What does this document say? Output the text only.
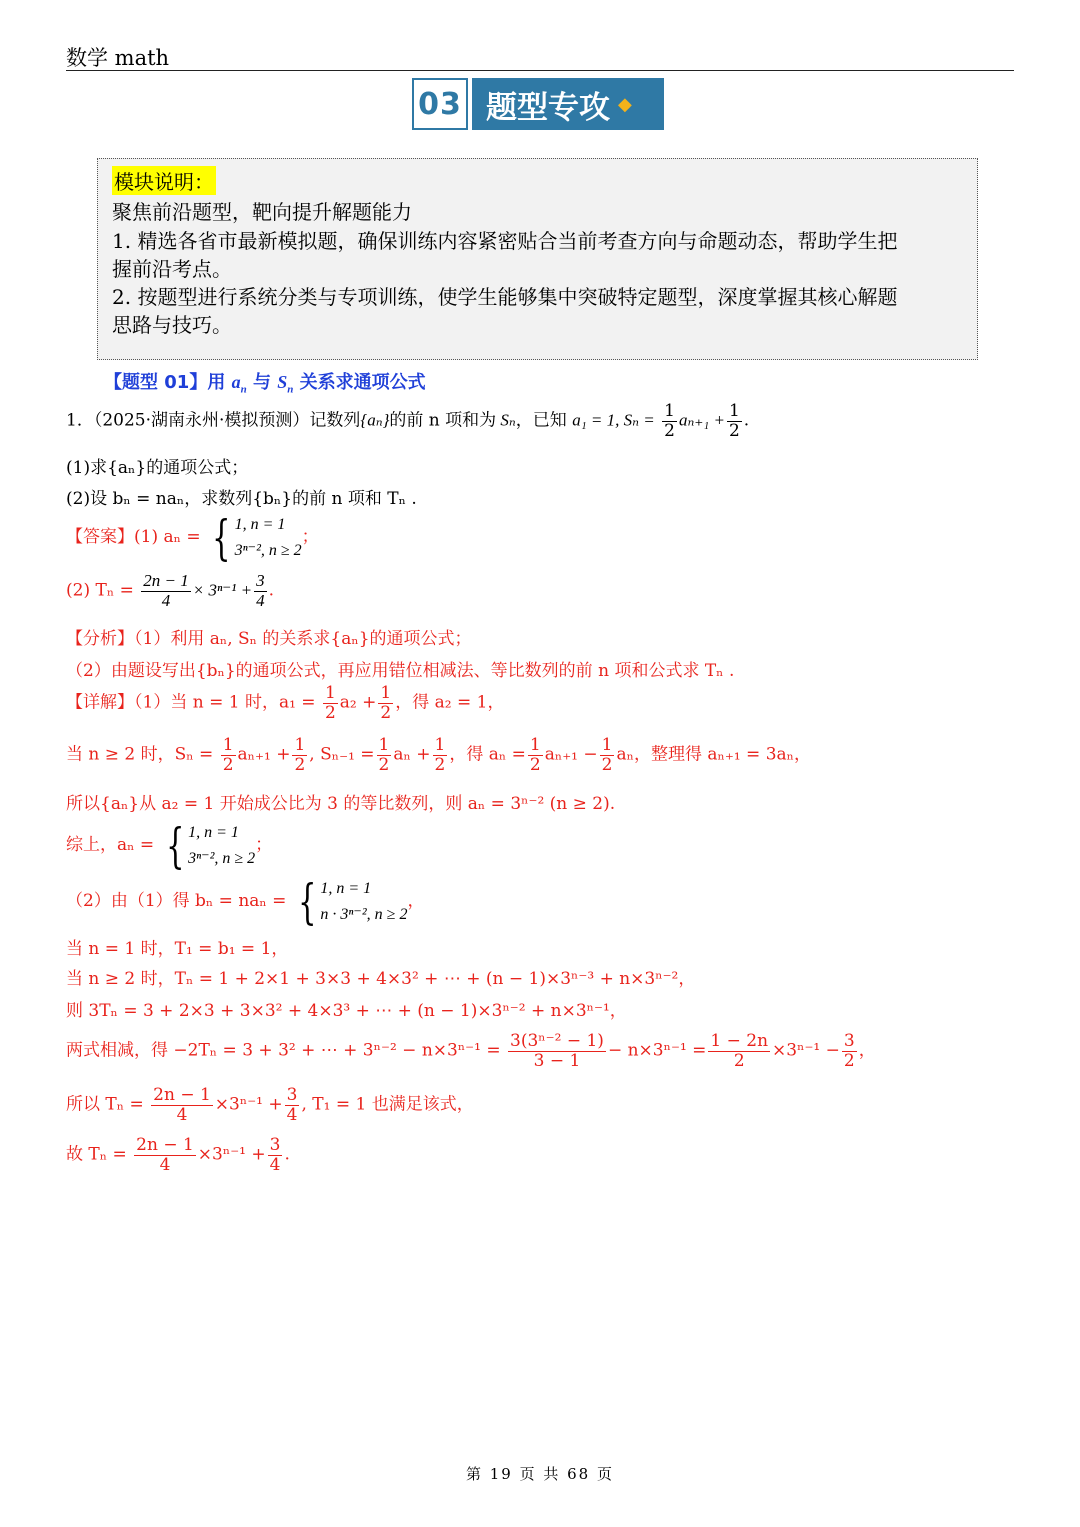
数学 math
03 题型专攻 ◆
模块说明：
聚焦前沿题型，靶向提升解题能力
1. 精选各省市最新模拟题，确保训练内容紧密贴合当前考查方向与命题动态，帮助学生把
握前沿考点。
2. 按题型进行系统分类与专项训练，使学生能够集中突破特定题型，深度掌握其核心解题
思路与技巧。
【题型 01】用 $a_n$ 与 $S_n$ 关系求通项公式
1．（2025·湖南永州·模拟预测）记数列{aₙ}的前 n 项和为 Sₙ，已知 a₁ = 1, $S_n = \frac{1}{2} a_{n+1} + \frac{1}{2}$ .
(1)求{aₙ}的通项公式；
(2)设 bₙ = naₙ，求数列{bₙ}的前 n 项和 Tₙ .
【答案】(1) aₙ = { 1, n = 1
3ⁿ⁻², n ≥ 2
；
(2) $T_n = \frac{2n - 1}{4} \times 3^{n-1} + \frac{3}{4}$ .
【分析】（1）利用 aₙ, Sₙ 的关系求{aₙ}的通项公式；
（2）由题设写出{bₙ}的通项公式，再应用错位相减法、等比数列的前 n 项和公式求 Tₙ .
【详解】（1）当 n = 1 时，$a_1 = \frac{1}{2} a_2 + \frac{1}{2}$ ，得 a₂ = 1，
当 n ≥ 2 时，$S_n = \frac{1}{2} a_{n+1} + \frac{1}{2}$ , $S_{n-1} = \frac{1}{2}$ $a_n + \frac{1}{2}$ ，得 $a_n = \frac{1}{2} a_{n+1} - \frac{1}{2}$ aₙ，整理得 aₙ₊₁ = 3aₙ，
所以{aₙ}从 a₂ = 1 开始成公比为 3 的等比数列，则 aₙ = 3ⁿ⁻² (n ≥ 2).
综上，aₙ = { 1, n = 1
3ⁿ⁻², n ≥ 2
；
（2）由（1）得 bₙ = naₙ = { 1, n = 1
n · 3ⁿ⁻², n ≥ 2
，
当 n = 1 时，T₁ = b₁ = 1，
当 n ≥ 2 时，Tₙ = 1 + 2×1 + 3×3 + 4×3² + ⋯ + (n − 1)×3ⁿ⁻³ + n×3ⁿ⁻²，
则 3Tₙ = 3 + 2×3 + 3×3² + 4×3³ + ⋯ + (n − 1)×3ⁿ⁻² + n×3ⁿ⁻¹，
两式相减，得 −2Tₙ = 3 + 3² + ⋯ + $3^{n-2} - n\times 3^{n-1} = \frac{\text{3(3ⁿ⁻² − 1)}}{3 - 1} - n\times 3^{n-1} = \frac{1 - 2n}{2} \times 3^{n-1} - \frac{3}{2}$ ，
所以 $T_n = \frac{2n - 1}{4} \times 3^{n-1} + \frac{3}{4}$ , T₁ = 1 也满足该式，
故 $T_n = \frac{2n - 1}{4} \times 3^{n-1} + \frac{3}{4}$ .
第 19 页 共 68 页
